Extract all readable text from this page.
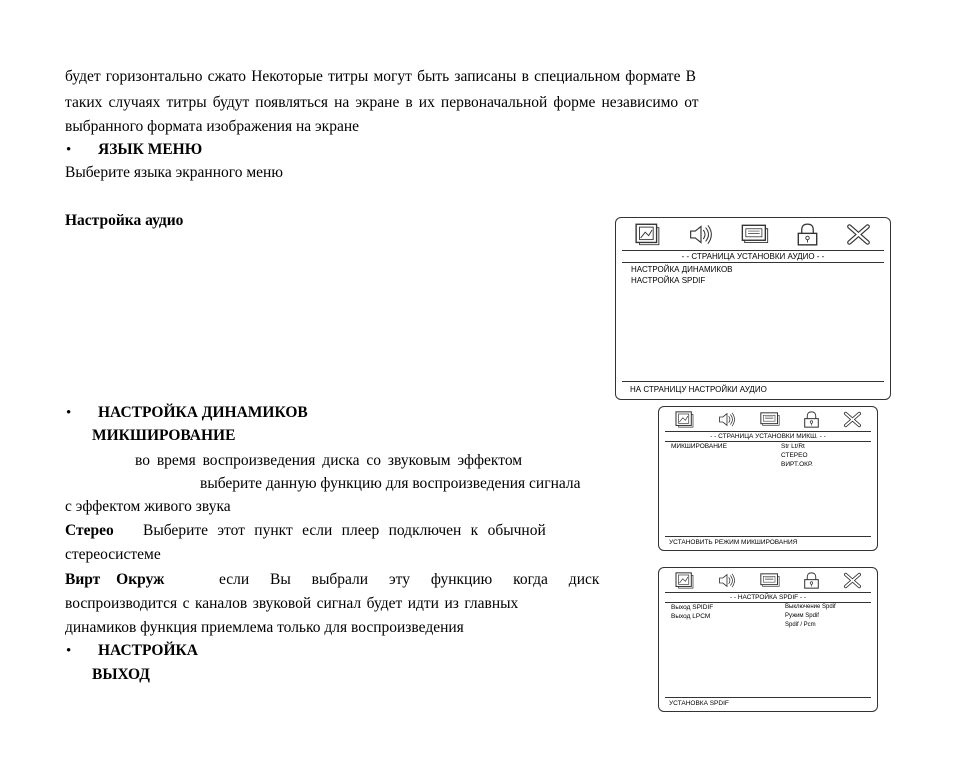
будет горизонтально сжато Некоторые титры могут быть записаны в специальном формате В
таких случаях титры будут появляться на экране в их первоначальной форме независимо от
выбранного формата изображения на экране
• ЯЗЫК МЕНЮ
Выберите языка экранного меню
Настройка аудио
• НАСТРОЙКА ДИНАМИКОВ
МИКШИРОВАНИЕ
во время воспроизведения диска со звуковым эффектом
выберите данную функцию для воспроизведения сигнала
с эффектом живого звука
Стерео Выберите этот пункт если плеер подключен к обычной
стереосистеме
Вирт Окруж	если Вы выбрали эту функцию когда диск
воспроизводится с каналов звуковой сигнал будет идти из главных
динамиков функция приемлема только для воспроизведения
• НАСТРОЙКА
ВЫХОД
- - СТРАНИЦА УСТАНОВКИ АУДИО - -
НАСТРОЙКА ДИНАМИКОВ
НАСТРОЙКА SPDIF
НА СТРАНИЦУ НАСТРОЙКИ АУДИО
- - СТРАНИЦА УСТАНОВКИ МИКШ. - -
МИКШИРОВАНИЕ	Str Lt/Rt
СТЕРЕО
ВИРТ.ОКР.
УСТАНОВИТЬ РЕЖИМ МИКШИРОВАНИЯ
- - НАСТРОЙКА SPDIF - -
Выход SPIDIF
Выход LPCM
Выключение Spdif
Ружим Spdif
Spdif / Pcm
УСТАНОВКА SPDIF
